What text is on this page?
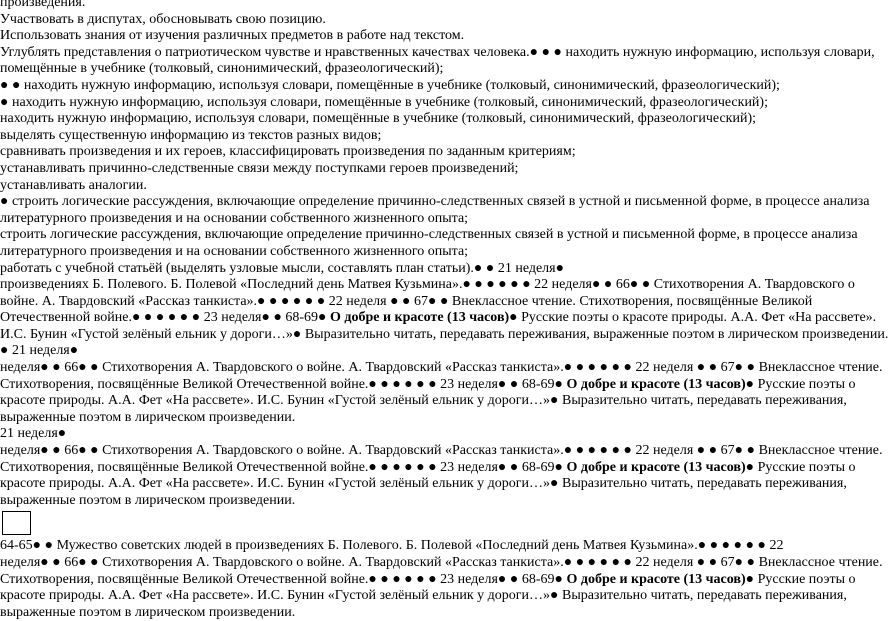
произведения.
Участвовать в диспутах, обосновывать свою позицию.
Использовать знания от изучения различных предметов в работе над текстом.
Углублять представления о патриотическом чувстве и нравственных качествах человека.● ● ● находить нужную информацию, используя словари,
помещённые в учебнике (толковый, синонимический, фразеологический);
● ● находить нужную информацию, используя словари, помещённые в учебнике (толковый, синонимический, фразеологический);
● находить нужную информацию, используя словари, помещённые в учебнике (толковый, синонимический, фразеологический);
находить нужную информацию, используя словари, помещённые в учебнике (толковый, синонимический, фразеологический);
выделять существенную информацию из текстов разных видов;
сравнивать произведения и их героев, классифицировать произведения по заданным критериям;
устанавливать причинно-следственные связи между поступками героев произведений;
устанавливать аналогии.
● строить логические рассуждения, включающие определение причинно-следственных связей в устной и письменной форме, в процессе анализа
литературного произведения и на основании собственного жизненного опыта;
строить логические рассуждения, включающие определение причинно-следственных связей в устной и письменной форме, в процессе анализа
литературного произведения и на основании собственного жизненного опыта;
работать с учебной статьёй (выделять узловые мысли, составлять план статьи).● ● 21 неделя●
произведениях Б. Полевого. Б. Полевой «Последний день Матвея Кузьмина».● ● ● ● ● ● 22 неделя● ● 66● ● Стихотворения А. Твардовского о
войне. А. Твардовский «Рассказ танкиста».● ● ● ● ● ● 22 неделя ● ● 67● ● Внеклассное чтение. Стихотворения, посвящённые Великой
Отечественной войне.● ● ● ● ● ● 23 неделя● ● 68-69● О добре и красоте (13 часов)● Русские поэты о красоте природы. А.А. Фет «На рассвете».
И.С. Бунин «Густой зелёный ельник у дороги…»● Выразительно читать, передавать переживания, выраженные поэтом в лирическом произведении.
● 21 неделя●
неделя● ● 66● ● Стихотворения А. Твардовского о войне. А. Твардовский «Рассказ танкиста».● ● ● ● ● ● 22 неделя ● ● 67● ● Внеклассное чтение.
Стихотворения, посвящённые Великой Отечественной войне.● ● ● ● ● ● 23 неделя● ● 68-69● О добре и красоте (13 часов)● Русские поэты о
красоте природы. А.А. Фет «На рассвете». И.С. Бунин «Густой зелёный ельник у дороги…»● Выразительно читать, передавать переживания,
выраженные поэтом в лирическом произведении.
21 неделя●
неделя● ● 66● ● Стихотворения А. Твардовского о войне. А. Твардовский «Рассказ танкиста».● ● ● ● ● ● 22 неделя ● ● 67● ● Внеклассное чтение.
Стихотворения, посвящённые Великой Отечественной войне.● ● ● ● ● ● 23 неделя● ● 68-69● О добре и красоте (13 часов)● Русские поэты о
красоте природы. А.А. Фет «На рассвете». И.С. Бунин «Густой зелёный ельник у дороги…»● Выразительно читать, передавать переживания,
выраженные поэтом в лирическом произведении.
64-65● ● Мужество советских людей в произведениях Б. Полевого. Б. Полевой «Последний день Матвея Кузьмина».● ● ● ● ● ● 22
неделя● ● 66● ● Стихотворения А. Твардовского о войне. А. Твардовский «Рассказ танкиста».● ● ● ● ● ● 22 неделя ● ● 67● ● Внеклассное чтение.
Стихотворения, посвящённые Великой Отечественной войне.● ● ● ● ● ● 23 неделя● ● 68-69● О добре и красоте (13 часов)● Русские поэты о
красоте природы. А.А. Фет «На рассвете». И.С. Бунин «Густой зелёный ельник у дороги…»● Выразительно читать, передавать переживания,
выраженные поэтом в лирическом произведении.
